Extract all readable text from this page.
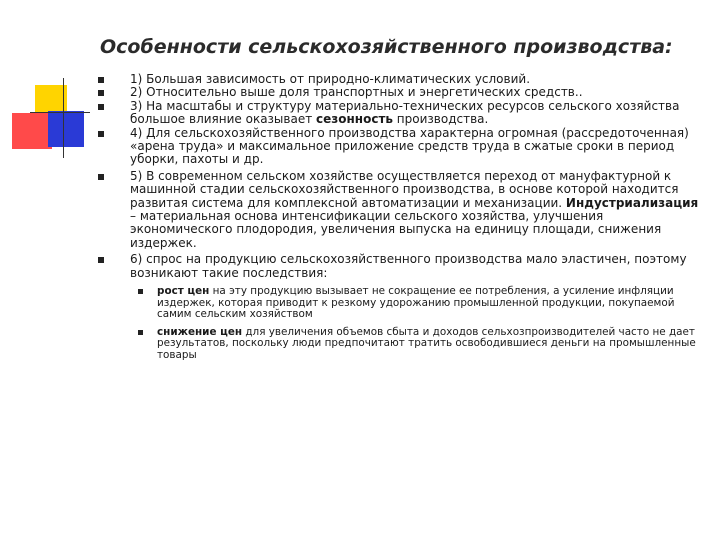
Особенности сельскохозяйственного производства:
1) Большая зависимость от природно-климатических условий.
2) Относительно выше доля транспортных и энергетических средств..
3) На масштабы и структуру материально-технических ресурсов сельского хозяйства большое влияние оказывает сезонность производства.
4) Для сельскохозяйственного производства характерна огромная (рассредоточенная) «арена труда» и максимальное приложение средств труда в сжатые сроки в период уборки, пахоты и др.
5) В современном сельском хозяйстве осуществляется переход от мануфактурной к машинной стадии сельскохозяйственного производства, в основе которой находится развитая система для комплексной автоматизации и механизации. Индустриализация – материальная основа интенсификации сельского хозяйства, улучшения экономического плодородия, увеличения выпуска на единицу площади, снижения издержек.
6) спрос на продукцию сельскохозяйственного производства мало эластичен, поэтому возникают такие последствия:
рост цен на эту продукцию вызывает не сокращение ее потребления, а усиление инфляции издержек, которая приводит к резкому удорожанию промышленной продукции, покупаемой самим сельским хозяйством
снижение цен для увеличения объемов сбыта и доходов сельхозпроизводителей часто не дает результатов, поскольку люди предпочитают тратить освободившиеся деньги на промышленные товары
